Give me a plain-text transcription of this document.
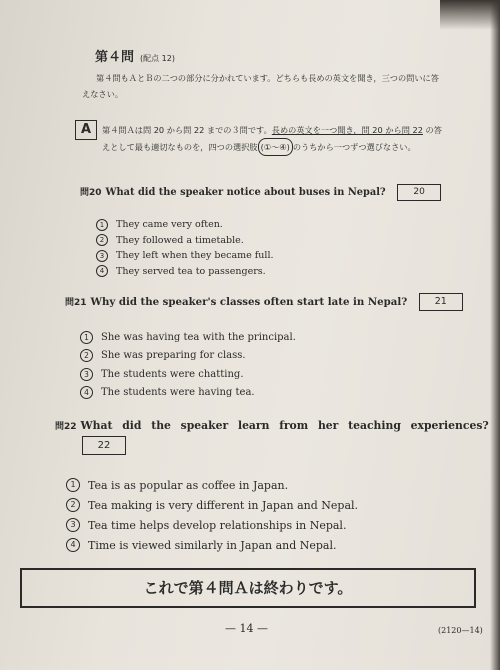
第４問 (配点 12)
第４問もＡとＢの二つの部分に分かれています。どちらも長めの英文を聞き，三つの問いに答えなさい。
A	第４問Ａは問 20 から問 22 までの３問です。長めの英文を一つ聞き，問 20 から問 22 の答えとして最も適切なものを，四つの選択肢 (①〜④) のうちから一つずつ選びなさい。
問20 What did the speaker notice about buses in Nepal?	20
1	They came very often.
2	They followed a timetable.
3	They left when they became full.
4	They served tea to passengers.
問21 Why did the speaker's classes often start late in Nepal?	21
1	She was having tea with the principal.
2	She was preparing for class.
3	The students were chatting.
4	The students were having tea.
問22 What did the speaker learn from her teaching experiences?
22
1	Tea is as popular as coffee in Japan.
2	Tea making is very different in Japan and Nepal.
3	Tea time helps develop relationships in Nepal.
4	Time is viewed similarly in Japan and Nepal.
これで第４問Ａは終わりです。
— 14 —	(2120—14)
